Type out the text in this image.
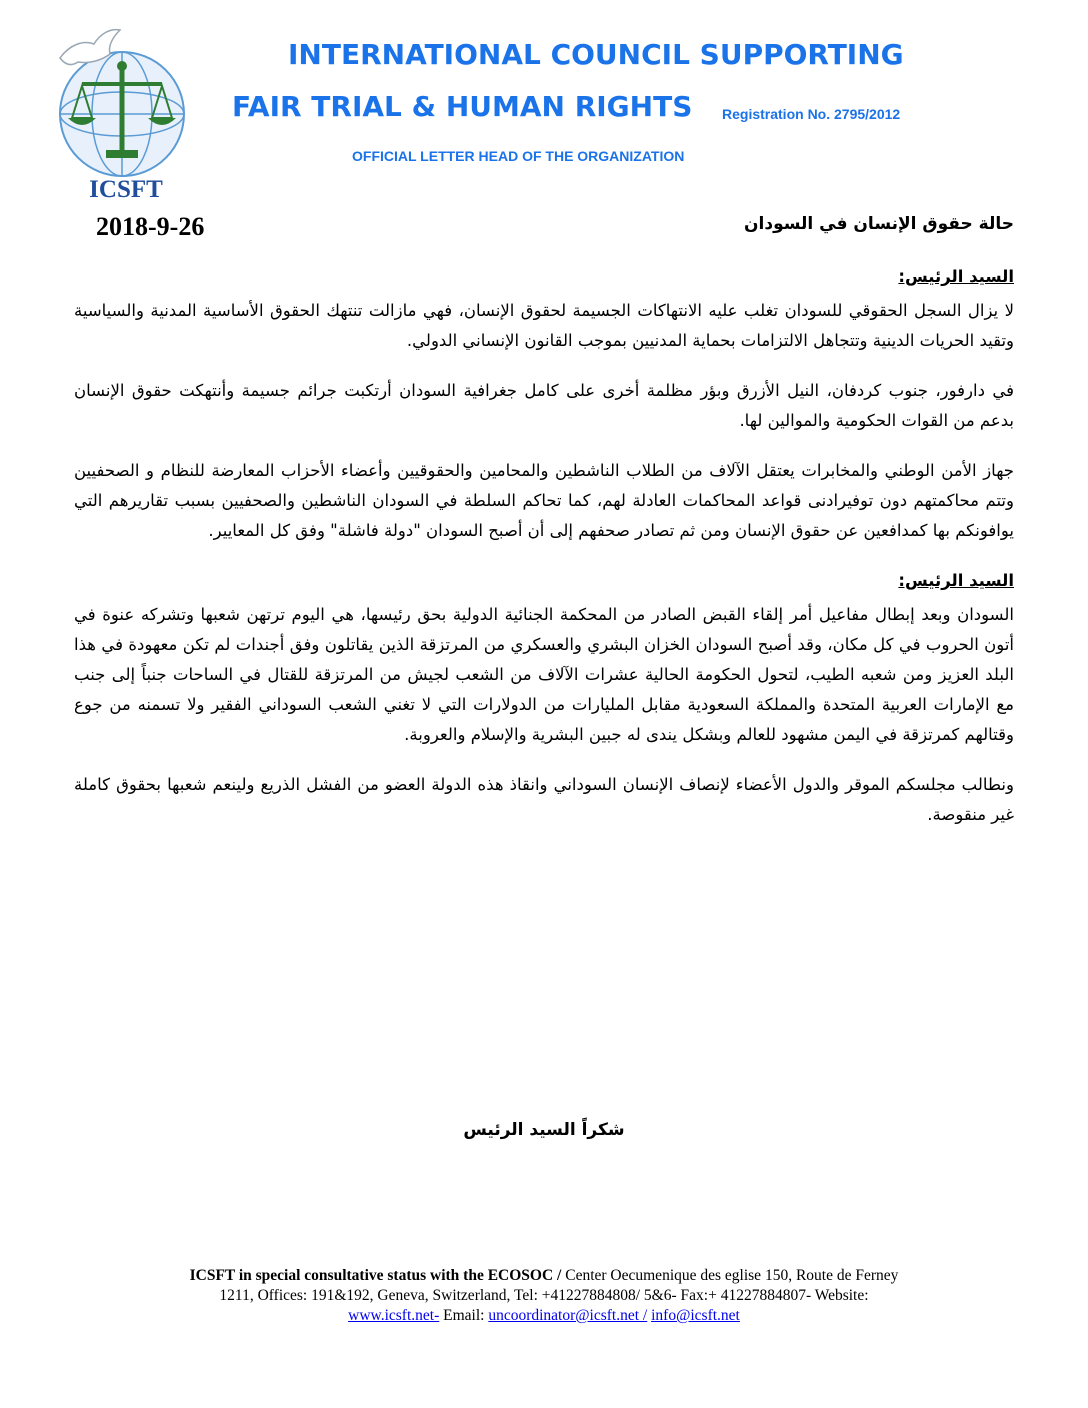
ICSFT
INTERNATIONAL COUNCIL SUPPORTING
FAIR TRIAL & HUMAN RIGHTS Registration No. 2795/2012
OFFICIAL LETTER HEAD OF THE ORGANIZATION
2018-9-26	حالة حقوق الإنسان في السودان
السيد الرئيس:

لا يزال السجل الحقوقي للسودان تغلب عليه الانتهاكات الجسيمة لحقوق الإنسان، فهي مازالت تنتهك الحقوق الأساسية المدنية والسياسية وتقيد الحريات الدينية وتتجاهل الالتزامات بحماية المدنيين بموجب القانون الإنساني الدولي.

في دارفور، جنوب كردفان، النيل الأزرق وبؤر مظلمة أخرى على كامل جغرافية السودان أرتكبت جرائم جسيمة وأنتهكت حقوق الإنسان بدعم من القوات الحكومية والموالين لها.

جهاز الأمن الوطني والمخابرات يعتقل الآلاف من الطلاب الناشطين والمحامين والحقوقيين وأعضاء الأحزاب المعارضة للنظام و الصحفيين وتتم محاكمتهم دون توفيرادنى قواعد المحاكمات العادلة لهم، كما تحاكم السلطة في السودان الناشطين والصحفيين بسبب تقاريرهم التي يوافونكم بها كمدافعين عن حقوق الإنسان ومن ثم تصادر صحفهم إلى أن أصبح السودان "دولة فاشلة" وفق كل المعايير.

السيد الرئيس:

السودان وبعد إبطال مفاعيل أمر إلقاء القبض الصادر من المحكمة الجنائية الدولية بحق رئيسها، هي اليوم ترتهن شعبها وتشركه عنوة في أتون الحروب في كل مكان، وقد أصبح السودان الخزان البشري والعسكري من المرتزقة الذين يقاتلون وفق أجندات لم تكن معهودة في هذا البلد العزيز ومن شعبه الطيب، لتحول الحكومة الحالية عشرات الآلاف من الشعب لجيش من المرتزقة للقتال في الساحات جنباً إلى جنب مع الإمارات العربية المتحدة والمملكة السعودية مقابل المليارات من الدولارات التي لا تغني الشعب السوداني الفقير ولا تسمنه من جوع وقتالهم كمرتزقة في اليمن مشهود للعالم وبشكل يندى له جبين البشرية والإسلام والعروبة.

ونطالب مجلسكم الموقر والدول الأعضاء لإنصاف الإنسان السوداني وانقاذ هذه الدولة العضو من الفشل الذريع ولينعم شعبها بحقوق كاملة غير منقوصة.

شكراً السيد الرئيس
ICSFT in special consultative status with the ECOSOC / Center Oecumenique des eglise 150, Route de Ferney
1211, Offices: 191&192, Geneva, Switzerland, Tel: +41227884808/ 5&6- Fax:+ 41227884807- Website:
www.icsft.net- Email: uncoordinator@icsft.net / info@icsft.net
